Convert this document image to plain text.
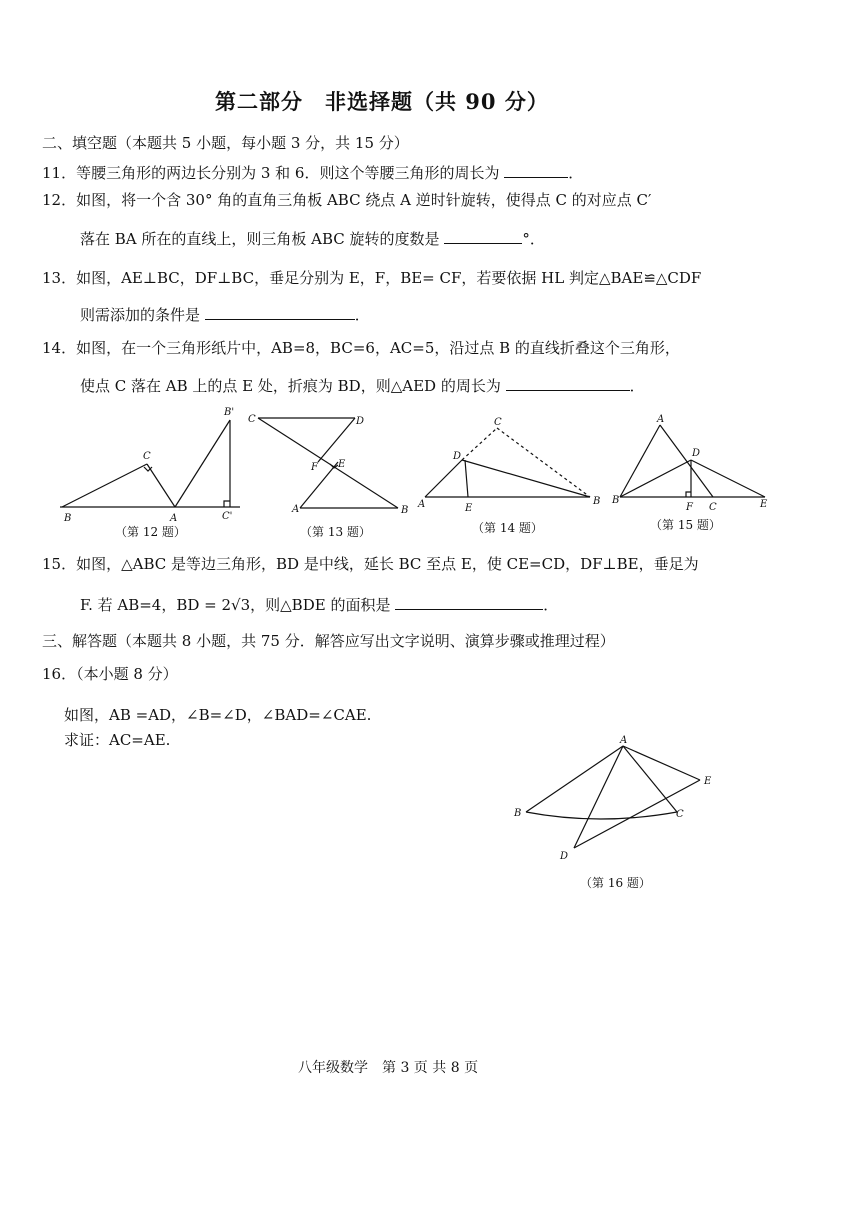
第二部分　非选择题（共 90 分）
二、填空题（本题共 5 小题，每小题 3 分，共 15 分）
11．等腰三角形的两边长分别为 3 和 6．则这个等腰三角形的周长为	．
12．如图，将一个含 30° 角的直角三角板 ABC 绕点 A 逆时针旋转，使得点 C 的对应点 C′
落在 BA 所在的直线上，则三角板 ABC 旋转的度数是	°．
13．如图，AE⊥BC，DF⊥BC，垂足分别为 E，F，BE= CF，若要依据 HL 判定△BAE≌△CDF
则需添加的条件是	．
14．如图，在一个三角形纸片中，AB=8，BC=6，AC=5，沿过点 B 的直线折叠这个三角形，
使点 C 落在 AB 上的点 E 处，折痕为 BD，则△AED 的周长为	．
C
B	A
B'
C'
C	D
F E
A	B
C
D
A	E
B
A
D
B
F C	E
A
E
B	C
D
（第 12 题）	（第 13 题）	（第 14 题）	（第 15 题）
15．如图，△ABC 是等边三角形，BD 是中线，延长 BC 至点 E，使 CE=CD，DF⊥BE，垂足为
F. 若 AB=4，BD = 2√3，则△BDE 的面积是	．
三、解答题（本题共 8 小题，共 75 分．解答应写出文字说明、演算步骤或推理过程）
16．（本小题 8 分）
如图，AB =AD，∠B=∠D，∠BAD=∠CAE.
求证：AC=AE.
（第 16 题）
八年级数学　第 3 页 共 8 页
